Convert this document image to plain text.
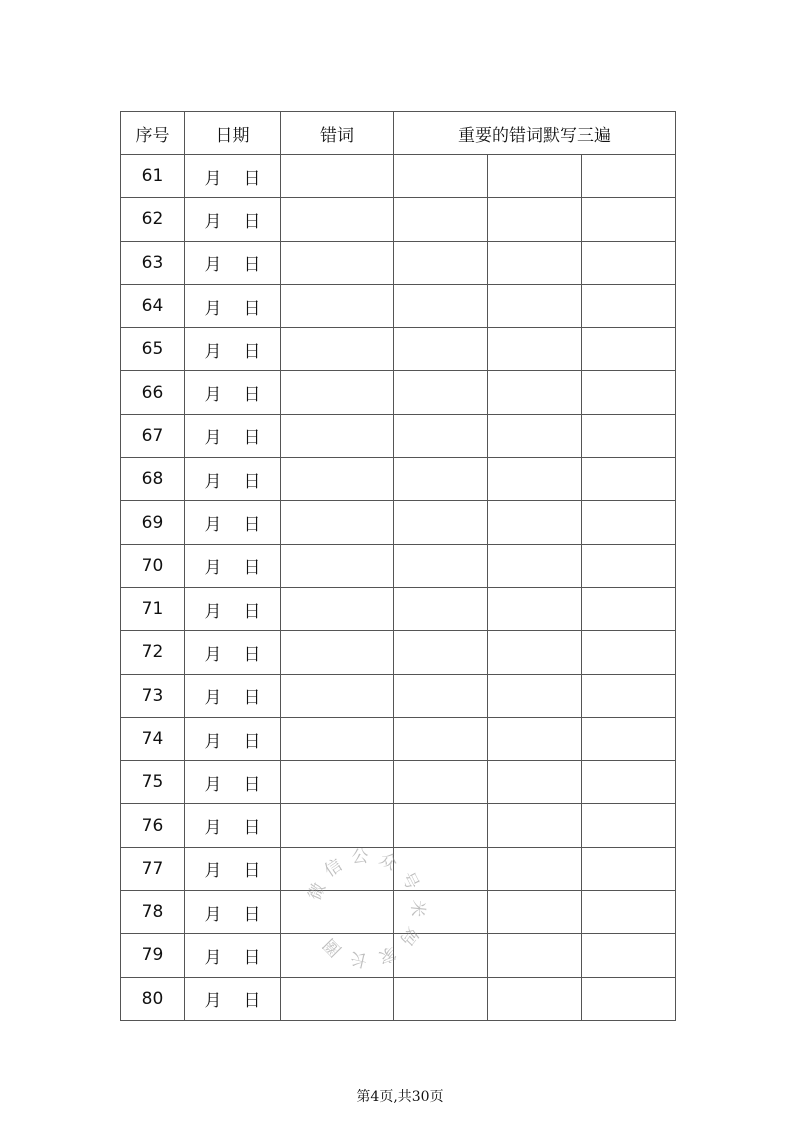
序号	日期	错词	重要的错词默写三遍		
61	月 日				
62	月 日				
63	月 日				
64	月 日				
65	月 日				
66	月 日				
67	月 日				
68	月 日				
69	月 日				
70	月 日				
71	月 日				
72	月 日				
73	月 日				
74	月 日				
75	月 日				
76	月 日				
77	月 日				
78	月 日				
79	月 日				
80	月 日				
微信公众号米妈家长圈
第4页,共30页
